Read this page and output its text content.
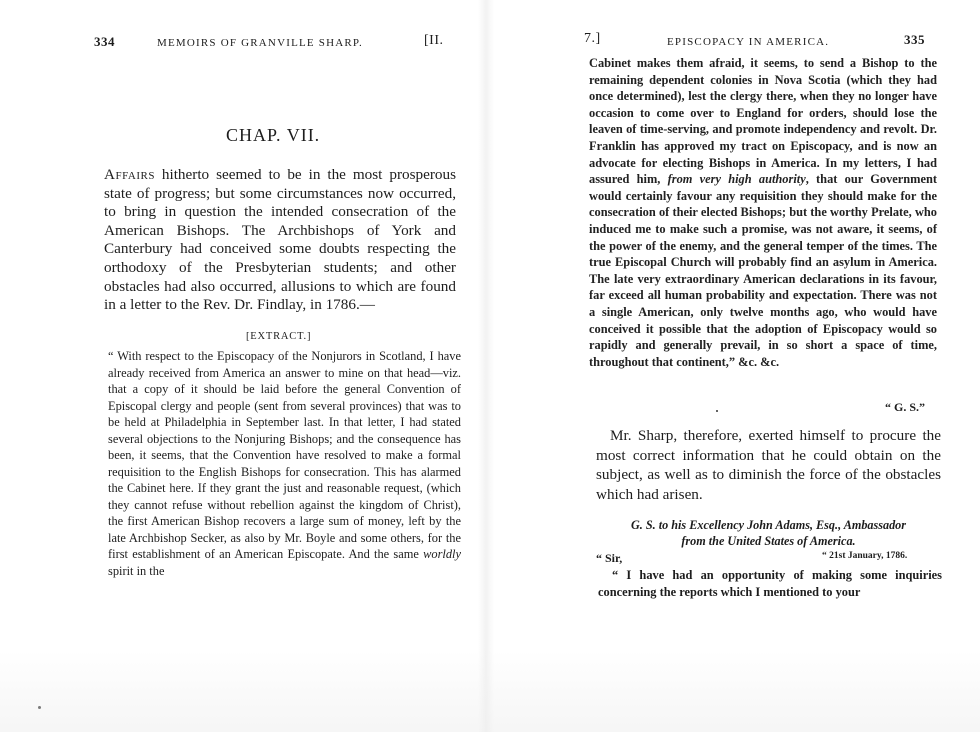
334	MEMOIRS OF GRANVILLE SHARP.	[II.
CHAP. VII.

Affairs hitherto seemed to be in the most prosperous state of progress; but some circumstances now occurred, to bring in question the intended consecration of the American Bishops. The Archbishops of York and Canterbury had conceived some doubts respecting the orthodoxy of the Presbyterian students; and other obstacles had also occurred, allusions to which are found in a letter to the Rev. Dr. Findlay, in 1786.—

[EXTRACT.]

“ With respect to the Episcopacy of the Nonjurors in Scotland, I have already received from America an answer to mine on that head—viz. that a copy of it should be laid before the general Convention of Episcopal clergy and people (sent from several provinces) that was to be held at Philadelphia in September last. In that letter, I had stated several objections to the Nonjuring Bishops; and the consequence has been, it seems, that the Convention have resolved to make a formal requisition to the English Bishops for consecration. This has alarmed the Cabinet here. If they grant the just and reasonable request, (which they cannot refuse without rebellion against the kingdom of Christ), the first American Bishop recovers a large sum of money, left by the late Archbishop Secker, as also by Mr. Boyle and some others, for the first establishment of an American Episcopate. And the same worldly spirit in the

7.]	EPISCOPACY IN AMERICA.	335

Cabinet makes them afraid, it seems, to send a Bishop to the remaining dependent colonies in Nova Scotia (which they had once determined), lest the clergy there, when they no longer have occasion to come over to England for orders, should lose the leaven of time-serving, and promote independency and revolt. Dr. Franklin has approved my tract on Episcopacy, and is now an advocate for electing Bishops in America. In my letters, I had assured him, from very high authority, that our Government would certainly favour any requisition they should make for the consecration of their elected Bishops; but the worthy Prelate, who induced me to make such a promise, was not aware, it seems, of the power of the enemy, and the general temper of the times. The true Episcopal Church will probably find an asylum in America. The late very extraordinary American declarations in its favour, far exceed all human probability and expectation. There was not a single American, only twelve months ago, who would have conceived it possible that the adoption of Episcopacy would so rapidly and generally prevail, in so short a space of time, throughout that continent,” &c. &c.

“ G. S.”

Mr. Sharp, therefore, exerted himself to procure the most correct information that he could obtain on the subject, as well as to diminish the force of the obstacles which had arisen.

G. S. to his Excellency John Adams, Esq., Ambassador
from the United States of America.
“ Sir,	“ 21st January, 1786.

“ I have had an opportunity of making some inquiries concerning the reports which I mentioned to your
